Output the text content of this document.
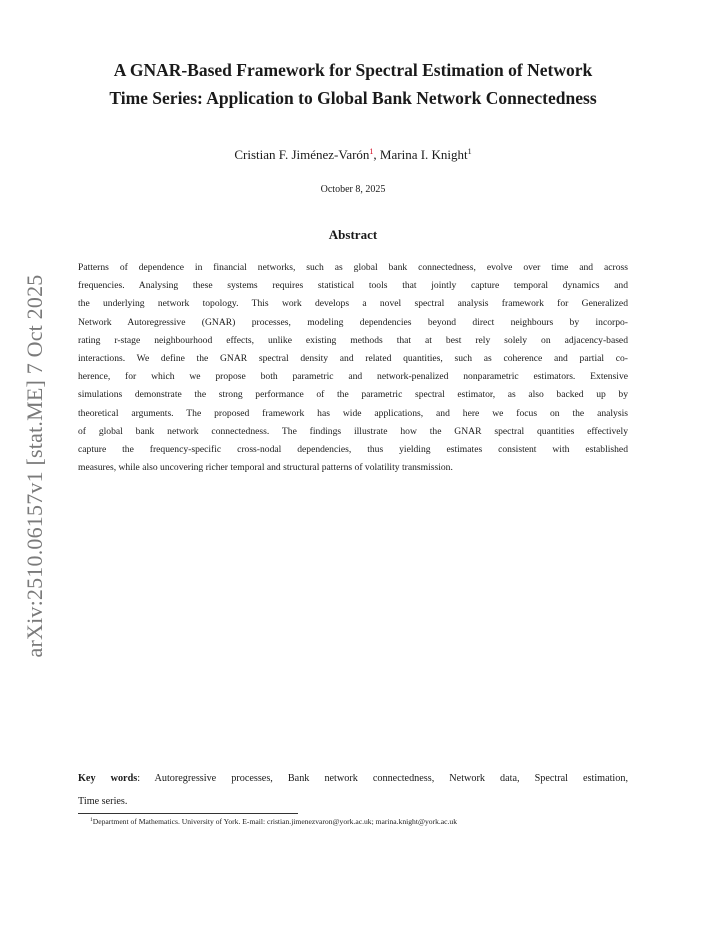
arXiv:2510.06157v1 [stat.ME] 7 Oct 2025
A GNAR-Based Framework for Spectral Estimation of Network
Time Series: Application to Global Bank Network Connectedness
Cristian F. Jiménez-Varón$^1$, Marina I. Knight$^1$
October 8, 2025
Abstract
Patterns of dependence in financial networks, such as global bank connectedness, evolve over time and across
frequencies. Analysing these systems requires statistical tools that jointly capture temporal dynamics and
the underlying network topology. This work develops a novel spectral analysis framework for Generalized
Network Autoregressive (GNAR) processes, modeling dependencies beyond direct neighbours by incorpo-
rating r-stage neighbourhood effects, unlike existing methods that at best rely solely on adjacency-based
interactions. We define the GNAR spectral density and related quantities, such as coherence and partial co-
herence, for which we propose both parametric and network-penalized nonparametric estimators. Extensive
simulations demonstrate the strong performance of the parametric spectral estimator, as also backed up by
theoretical arguments. The proposed framework has wide applications, and here we focus on the analysis
of global bank network connectedness. The findings illustrate how the GNAR spectral quantities effectively
capture the frequency-specific cross-nodal dependencies, thus yielding estimates consistent with established
measures, while also uncovering richer temporal and structural patterns of volatility transmission.
Key words: Autoregressive processes, Bank network connectedness, Network data, Spectral estimation,
Time series.
$^1$Department of Mathematics. University of York. E-mail: cristian.jimenezvaron@york.ac.uk; marina.knight@york.ac.uk
